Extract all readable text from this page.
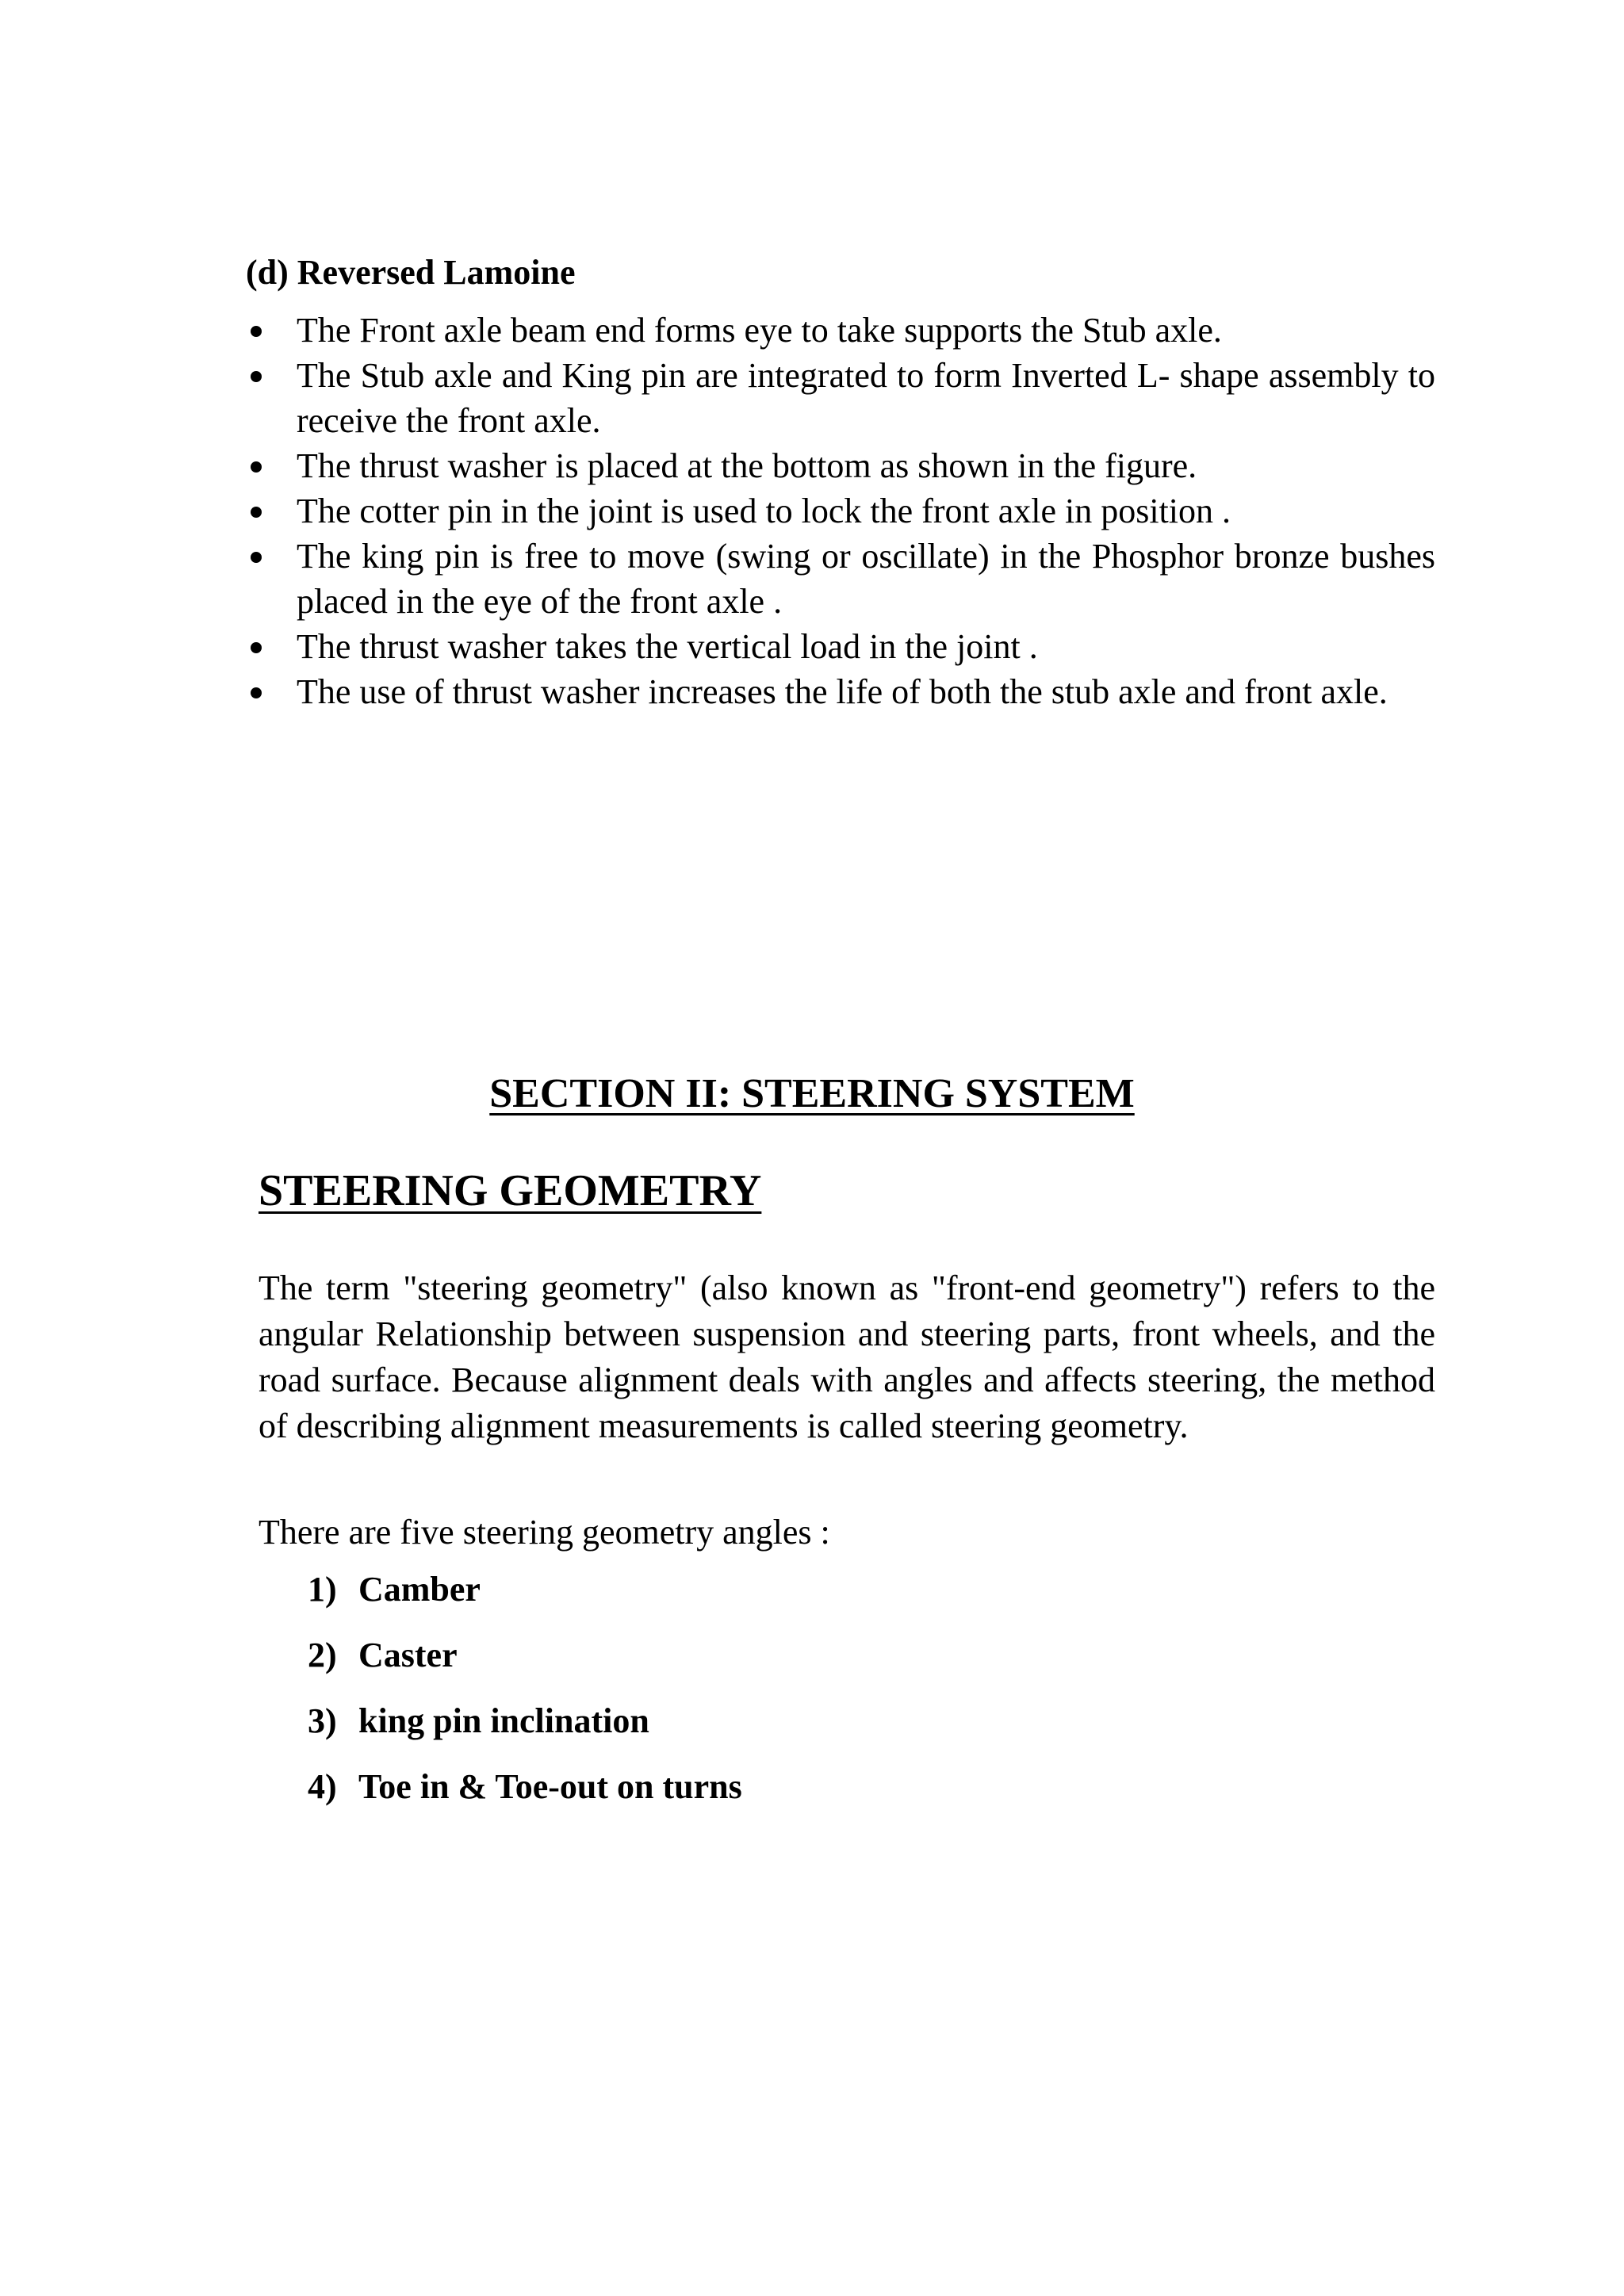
(d) Reversed Lamoine
The Front axle beam end forms eye to take supports the Stub axle.
The Stub axle and King pin are integrated to form Inverted L- shape assembly to receive the front axle.
The thrust washer is placed at the bottom as shown in the figure.
The cotter pin in the joint is used to lock the front axle in position .
The king pin is free to move (swing or oscillate) in the Phosphor bronze bushes placed in the eye of the front axle .
The thrust washer takes the vertical load in the joint .
The use of thrust washer increases the life of both the stub axle and front axle.
SECTION II: STEERING SYSTEM
STEERING GEOMETRY

The term "steering geometry" (also known as "front-end geometry") refers to the angular Relationship between suspension and steering parts, front wheels, and the road surface. Because alignment deals with angles and affects steering, the method of describing alignment measurements is called steering geometry.

There are five steering geometry angles :

1) Camber
2) Caster
3) king pin inclination
4) Toe in & Toe-out on turns
